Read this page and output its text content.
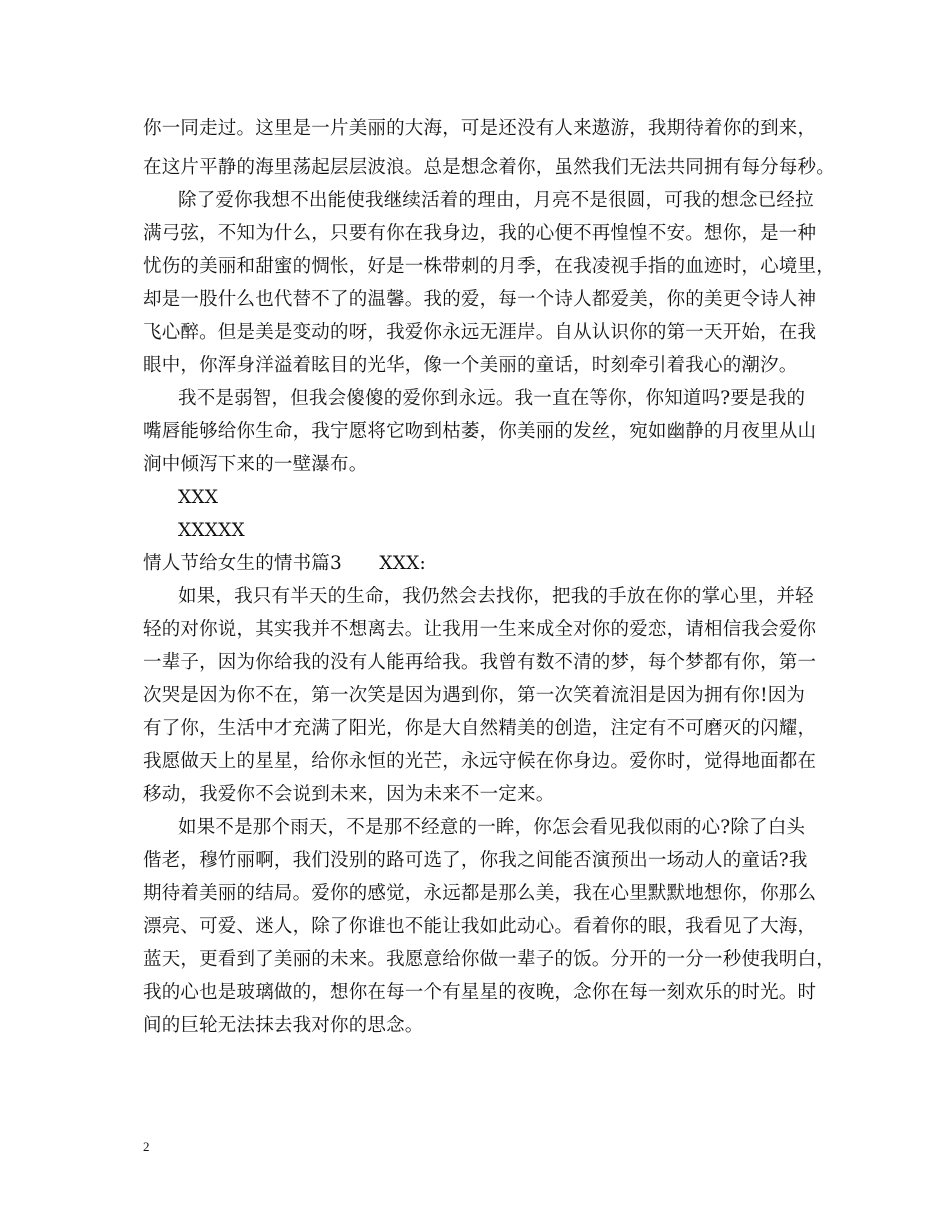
你一同走过。这里是一片美丽的大海，可是还没有人来遨游，我期待着你的到来，
在这片平静的海里荡起层层波浪。总是想念着你，虽然我们无法共同拥有每分每秒。
除了爱你我想不出能使我继续活着的理由，月亮不是很圆，可我的想念已经拉
满弓弦，不知为什么，只要有你在我身边，我的心便不再惶惶不安。想你，是一种
忧伤的美丽和甜蜜的惆怅，好是一株带刺的月季，在我凌视手指的血迹时，心境里，
却是一股什么也代替不了的温馨。我的爱，每一个诗人都爱美，你的美更令诗人神
飞心醉。但是美是变动的呀，我爱你永远无涯岸。自从认识你的第一天开始，在我
眼中，你浑身洋溢着眩目的光华，像一个美丽的童话，时刻牵引着我心的潮汐。
我不是弱智，但我会傻傻的爱你到永远。我一直在等你，你知道吗?要是我的
嘴唇能够给你生命，我宁愿将它吻到枯萎，你美丽的发丝，宛如幽静的月夜里从山
涧中倾泻下来的一壁瀑布。
XXX
XXXXX
情人节给女生的情书篇3　　XXX:
如果，我只有半天的生命，我仍然会去找你，把我的手放在你的掌心里，并轻
轻的对你说，其实我并不想离去。让我用一生来成全对你的爱恋，请相信我会爱你
一辈子，因为你给我的没有人能再给我。我曾有数不清的梦，每个梦都有你，第一
次哭是因为你不在，第一次笑是因为遇到你，第一次笑着流泪是因为拥有你!因为
有了你，生活中才充满了阳光，你是大自然精美的创造，注定有不可磨灭的闪耀，
我愿做天上的星星，给你永恒的光芒，永远守候在你身边。爱你时，觉得地面都在
移动，我爱你不会说到未来，因为未来不一定来。
如果不是那个雨天，不是那不经意的一眸，你怎会看见我似雨的心?除了白头
偕老，穆竹丽啊，我们没别的路可选了，你我之间能否演预出一场动人的童话?我
期待着美丽的结局。爱你的感觉，永远都是那么美，我在心里默默地想你，你那么
漂亮、可爱、迷人，除了你谁也不能让我如此动心。看着你的眼，我看见了大海，
蓝天，更看到了美丽的未来。我愿意给你做一辈子的饭。分开的一分一秒使我明白，
我的心也是玻璃做的，想你在每一个有星星的夜晚，念你在每一刻欢乐的时光。时
间的巨轮无法抹去我对你的思念。
2
